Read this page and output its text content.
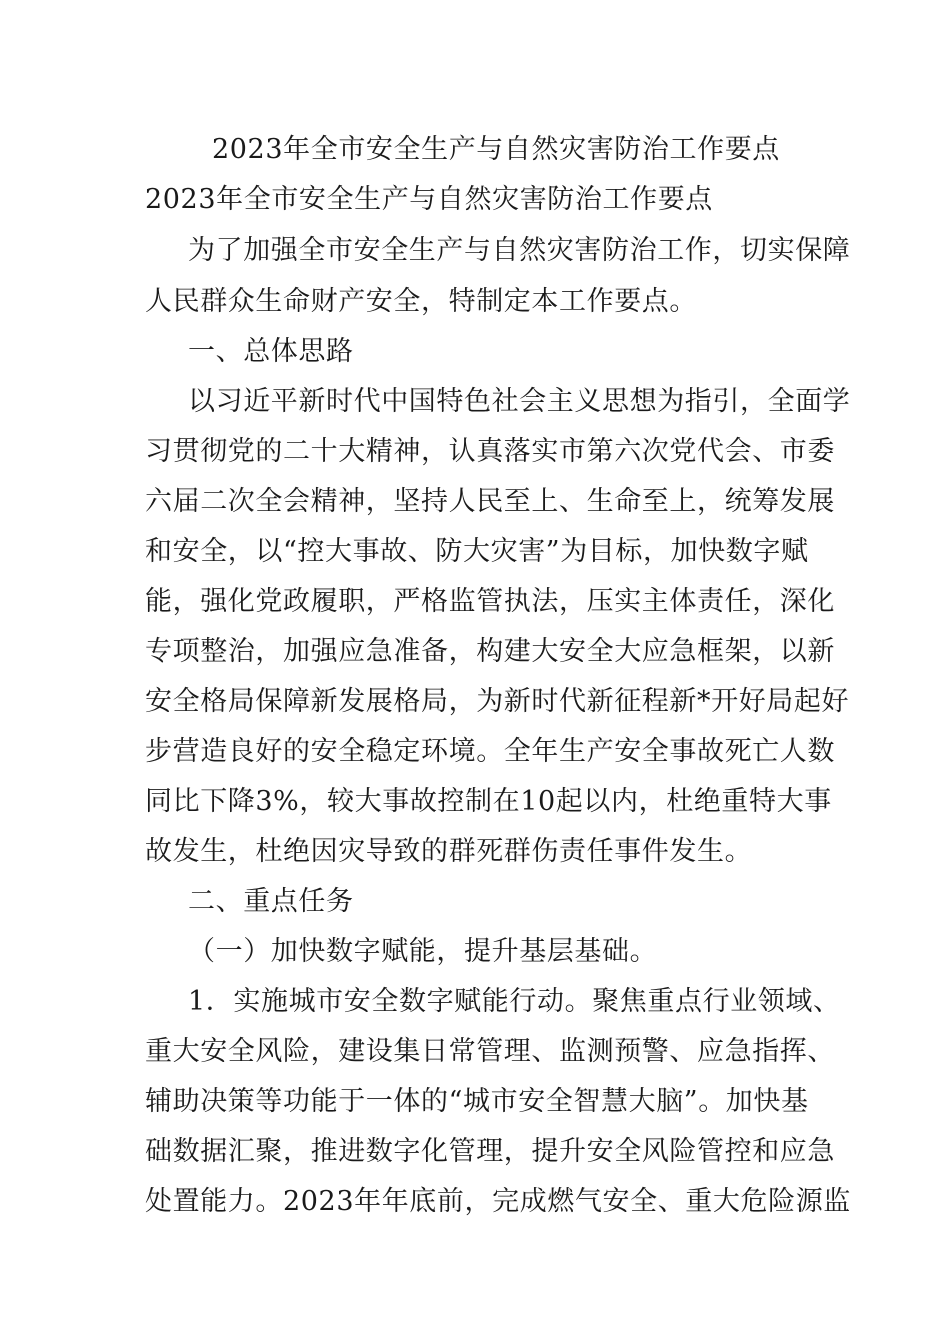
2023年全市安全生产与自然灾害防治工作要点
2023年全市安全生产与自然灾害防治工作要点
为了加强全市安全生产与自然灾害防治工作，切实保障
人民群众生命财产安全，特制定本工作要点。
一、总体思路
以习近平新时代中国特色社会主义思想为指引，全面学
习贯彻党的二十大精神，认真落实市第六次党代会、市委
六届二次全会精神，坚持人民至上、生命至上，统筹发展
和安全，以“控大事故、防大灾害”为目标，加快数字赋
能，强化党政履职，严格监管执法，压实主体责任，深化
专项整治，加强应急准备，构建大安全大应急框架，以新
安全格局保障新发展格局，为新时代新征程新*开好局起好
步营造良好的安全稳定环境。全年生产安全事故死亡人数
同比下降3%，较大事故控制在10起以内，杜绝重特大事
故发生，杜绝因灾导致的群死群伤责任事件发生。
二、重点任务
（一）加快数字赋能，提升基层基础。
1．实施城市安全数字赋能行动。聚焦重点行业领域、
重大安全风险，建设集日常管理、监测预警、应急指挥、
辅助决策等功能于一体的“城市安全智慧大脑”。加快基
础数据汇聚，推进数字化管理，提升安全风险管控和应急
处置能力。2023年年底前，完成燃气安全、重大危险源监
